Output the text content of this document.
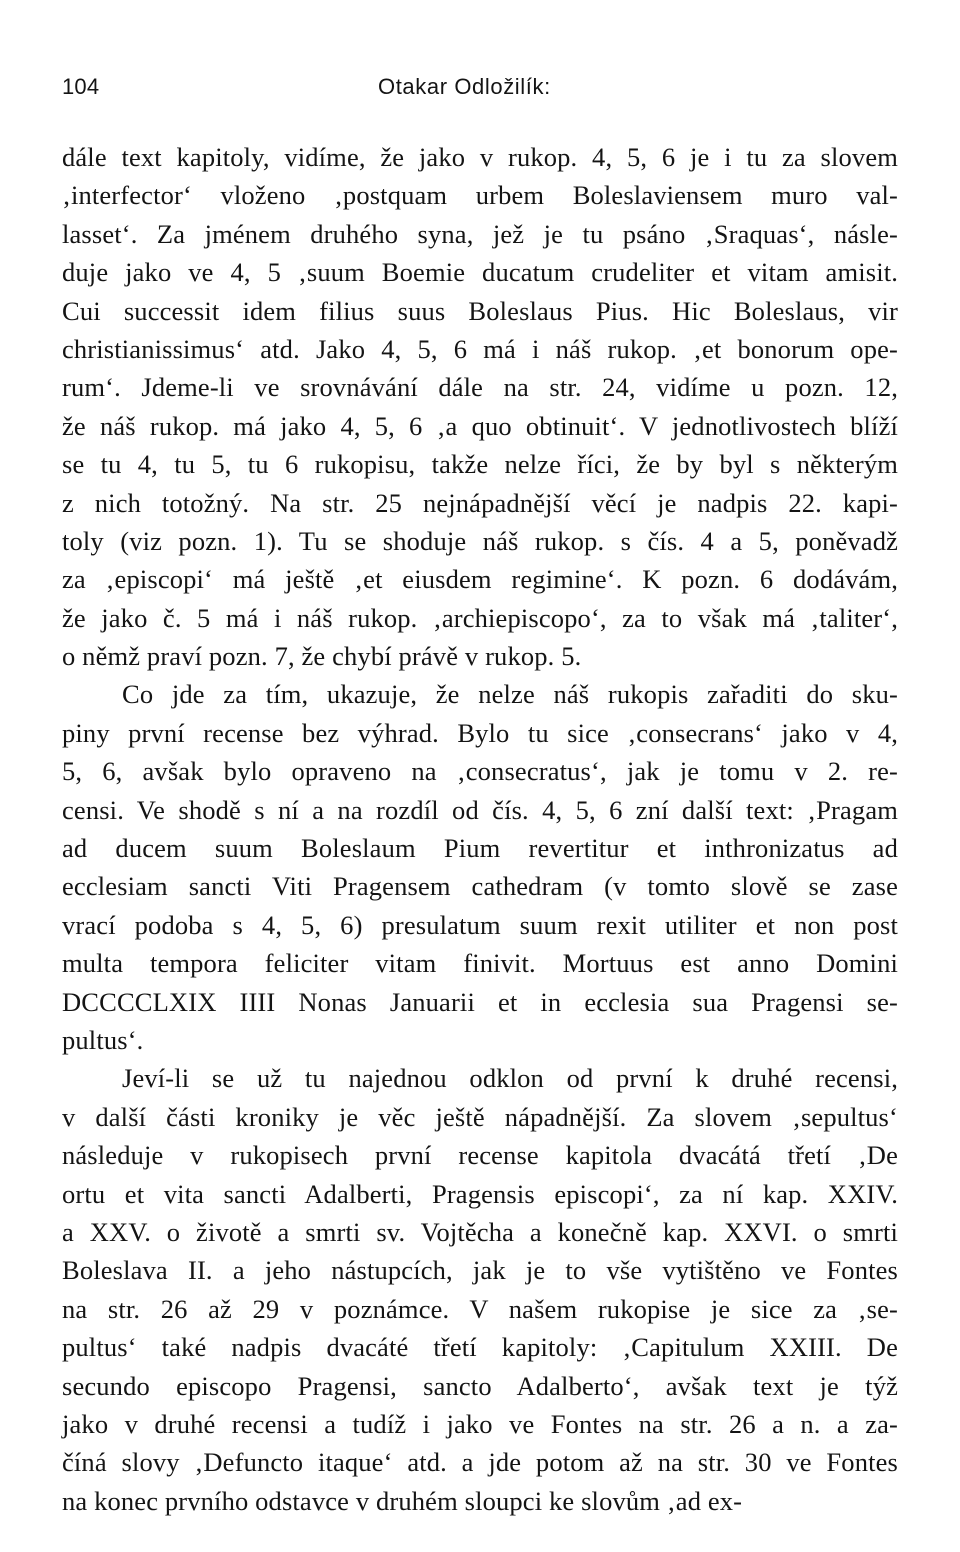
104	Otakar Odložilík:
dále text kapitoly, vidíme, že jako v rukop. 4, 5, 6 je i tu za slovem
‚interfector‘ vloženo ‚postquam urbem Boleslaviensem muro val-
lasset‘. Za jménem druhého syna, jež je tu psáno ‚Sraquas‘, násle-
duje jako ve 4, 5 ‚suum Boemie ducatum crudeliter et vitam amisit.
Cui successit idem filius suus Boleslaus Pius. Hic Boleslaus, vir
christianissimus‘ atd. Jako 4, 5, 6 má i náš rukop. ‚et bonorum ope-
rum‘. Jdeme-li ve srovnávání dále na str. 24, vidíme u pozn. 12,
že náš rukop. má jako 4, 5, 6 ‚a quo obtinuit‘. V jednotlivostech blíží
se tu 4, tu 5, tu 6 rukopisu, takže nelze říci, že by byl s některým
z nich totožný. Na str. 25 nejnápadnější věcí je nadpis 22. kapi-
toly (viz pozn. 1). Tu se shoduje náš rukop. s čís. 4 a 5, poněvadž
za ‚episcopi‘ má ještě ‚et eiusdem regimine‘. K pozn. 6 dodávám,
že jako č. 5 má i náš rukop. ‚archiepiscopo‘, za to však má ‚taliter‘,
o němž praví pozn. 7, že chybí právě v rukop. 5.
Co jde za tím, ukazuje, že nelze náš rukopis zařaditi do sku-
piny první recense bez výhrad. Bylo tu sice ‚consecrans‘ jako v 4,
5, 6, avšak bylo opraveno na ‚consecratus‘, jak je tomu v 2. re-
censi. Ve shodě s ní a na rozdíl od čís. 4, 5, 6 zní další text: ‚Pragam
ad ducem suum Boleslaum Pium revertitur et inthronizatus ad
ecclesiam sancti Viti Pragensem cathedram (v tomto slově se zase
vrací podoba s 4, 5, 6) presulatum suum rexit utiliter et non post
multa tempora feliciter vitam finivit. Mortuus est anno Domini
DCCCCLXIX IIII Nonas Januarii et in ecclesia sua Pragensi se-
pultus‘.
Jeví-li se už tu najednou odklon od první k druhé recensi,
v další části kroniky je věc ještě nápadnější. Za slovem ‚sepultus‘
následuje v rukopisech první recense kapitola dvacátá třetí ‚De
ortu et vita sancti Adalberti, Pragensis episcopi‘, za ní kap. XXIV.
a XXV. o životě a smrti sv. Vojtěcha a konečně kap. XXVI. o smrti
Boleslava II. a jeho nástupcích, jak je to vše vytištěno ve Fontes
na str. 26 až 29 v poznámce. V našem rukopise je sice za ‚se-
pultus‘ také nadpis dvacáté třetí kapitoly: ‚Capitulum XXIII. De
secundo episcopo Pragensi, sancto Adalberto‘, avšak text je týž
jako v druhé recensi a tudíž i jako ve Fontes na str. 26 a n. a za-
číná slovy ‚Defuncto itaque‘ atd. a jde potom až na str. 30 ve Fontes
na konec prvního odstavce v druhém sloupci ke slovům ‚ad ex-
